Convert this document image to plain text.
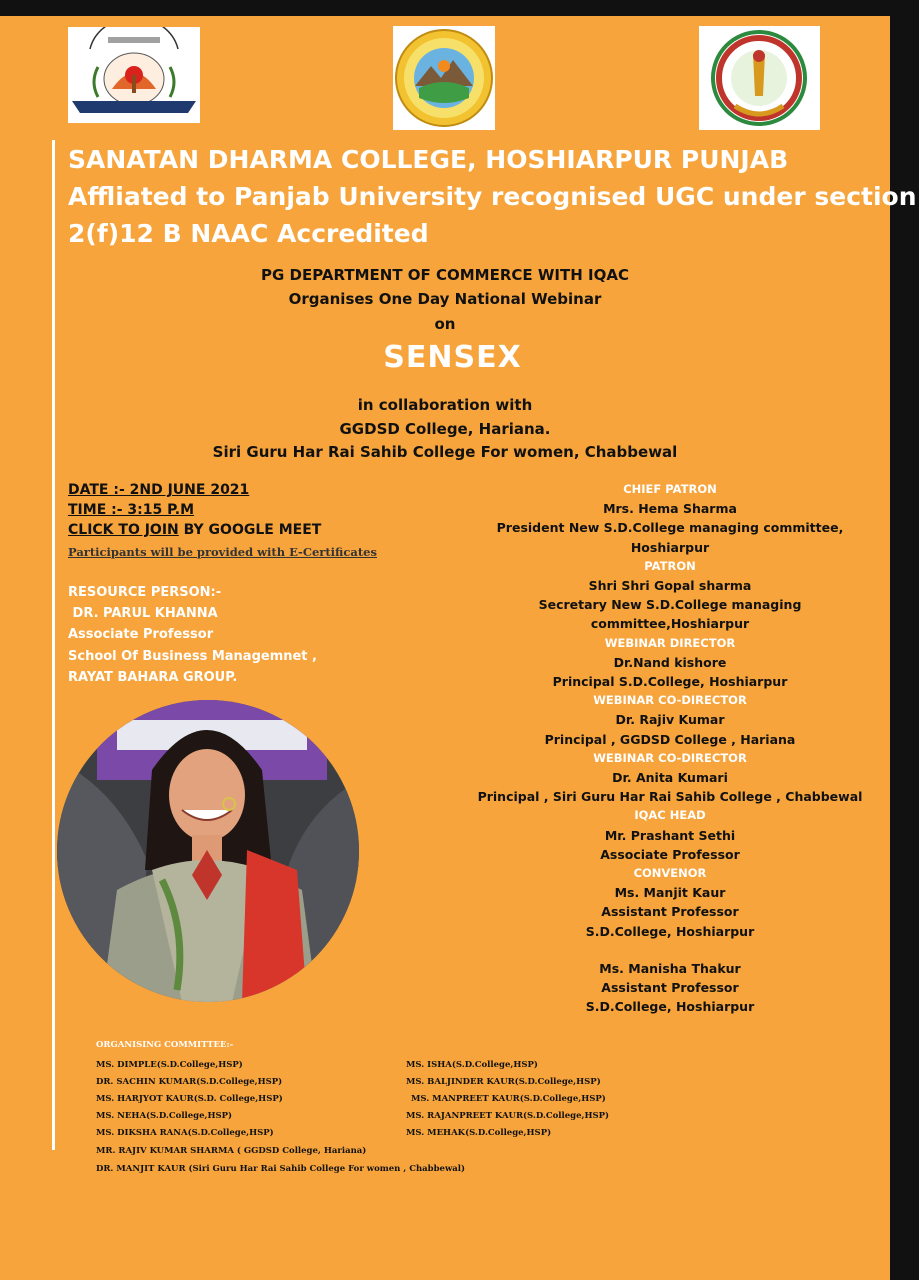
SANATAN DHARMA COLLEGE, HOSHIARPUR PUNJAB
Affliated to Panjab University recognised UGC under section
2(f)12 B NAAC Accredited
PG DEPARTMENT OF COMMERCE WITH IQAC
Organises One Day National Webinar
on
SENSEX
in collaboration with
GGDSD College, Hariana.
Siri Guru Har Rai Sahib College For women, Chabbewal
DATE :- 2ND JUNE 2021
TIME :- 3:15 P.M
CLICK TO JOIN BY GOOGLE MEET
Participants will be provided with E-Certificates
RESOURCE PERSON:-
DR. PARUL KHANNA
Associate Professor
School Of Business Managemnet ,
RAYAT BAHARA GROUP.
CHIEF PATRON
Mrs. Hema Sharma
President New S.D.College managing committee,
Hoshiarpur
PATRON
Shri Shri Gopal sharma
Secretary New S.D.College managing
committee,Hoshiarpur
WEBINAR DIRECTOR
Dr.Nand kishore
Principal S.D.College, Hoshiarpur
WEBINAR CO-DIRECTOR
Dr. Rajiv Kumar
Principal , GGDSD College , Hariana
WEBINAR CO-DIRECTOR
Dr. Anita Kumari
Principal , Siri Guru Har Rai Sahib College , Chabbewal
IQAC HEAD
Mr. Prashant Sethi
Associate Professor
CONVENOR
Ms. Manjit Kaur
Assistant Professor
S.D.College, Hoshiarpur
Ms. Manisha Thakur
Assistant Professor
S.D.College, Hoshiarpur
ORGANISING COMMITTEE:-
MS. DIMPLE(S.D.College,HSP)
DR. SACHIN KUMAR(S.D.College,HSP)
MS. HARJYOT KAUR(S.D. College,HSP)
MS. NEHA(S.D.College,HSP)
MS. DIKSHA RANA(S.D.College,HSP)
MR. RAJIV KUMAR SHARMA ( GGDSD College, Hariana)
DR. MANJIT KAUR (Siri Guru Har Rai Sahib College For women , Chabbewal)
MS. ISHA(S.D.College,HSP)
MS. BALJINDER KAUR(S.D.College,HSP)
MS. MANPREET KAUR(S.D.College,HSP)
MS. RAJANPREET KAUR(S.D.College,HSP)
MS. MEHAK(S.D.College,HSP)
